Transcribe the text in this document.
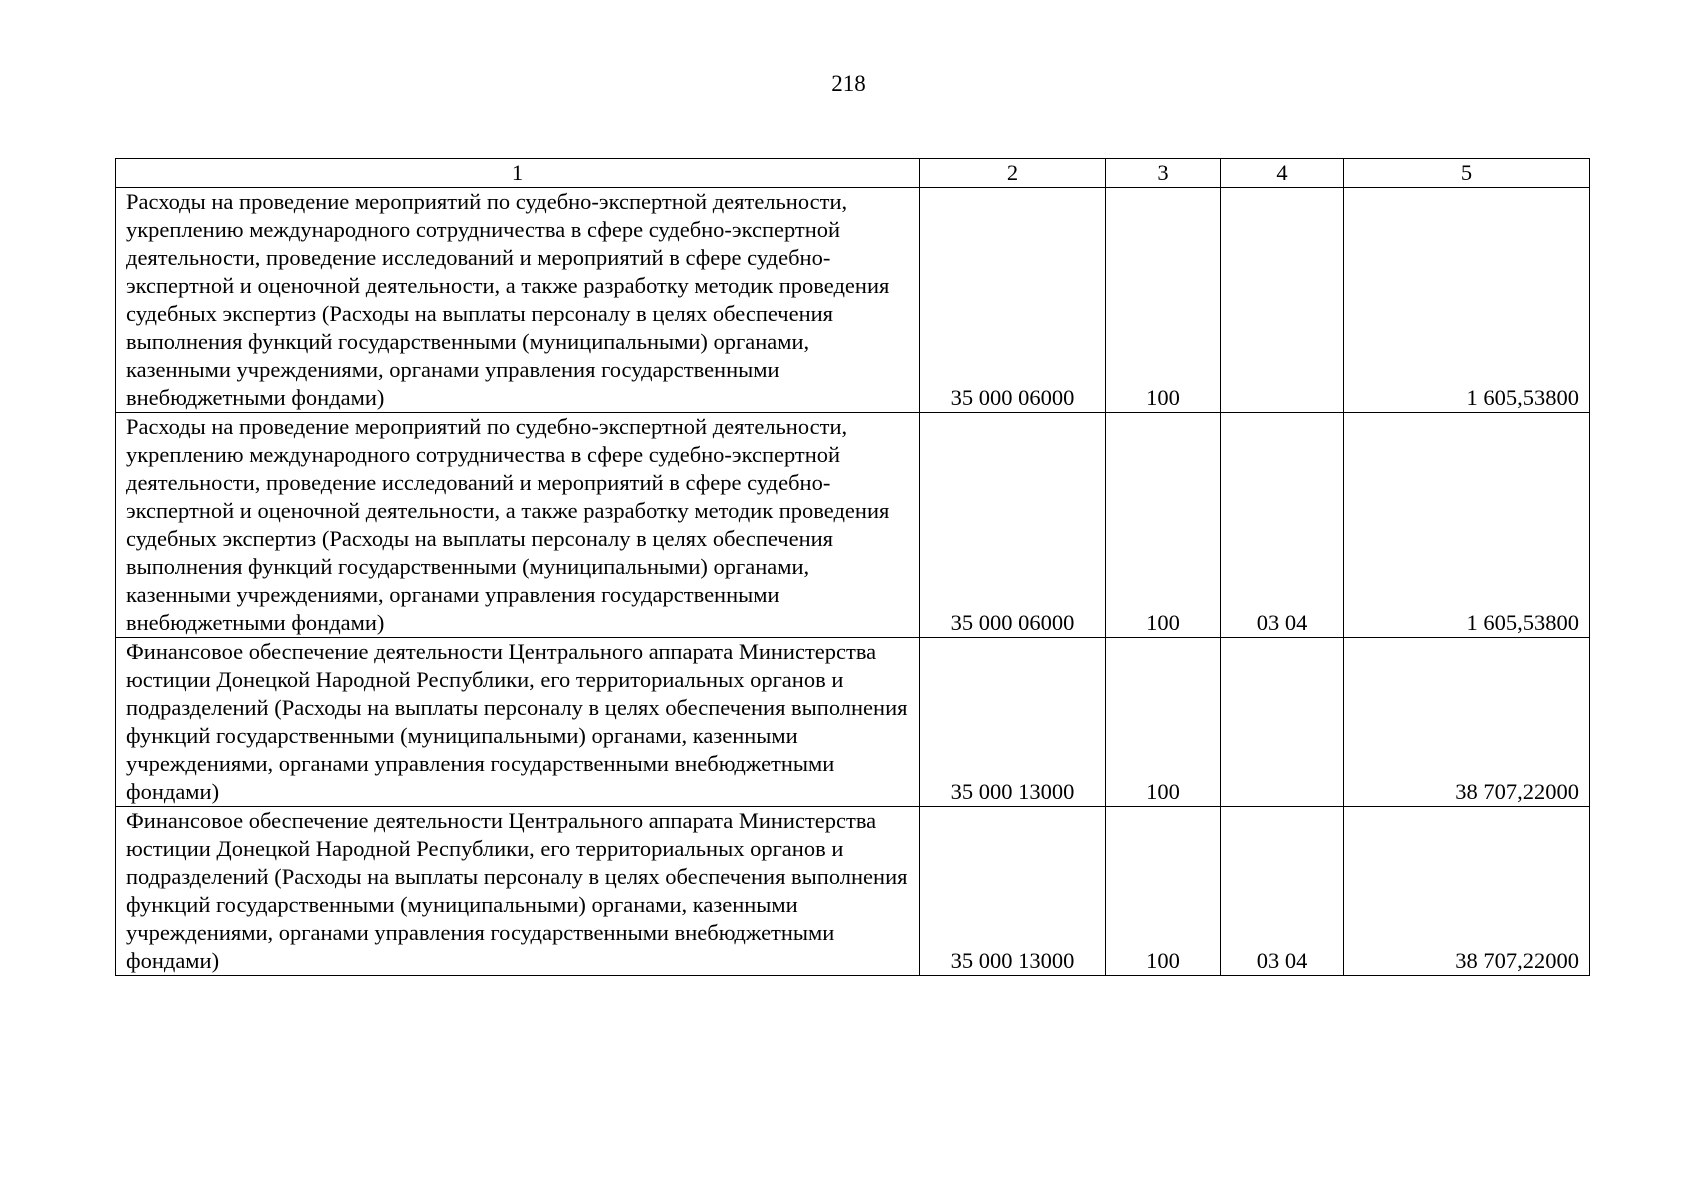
218
1	2	3	4	5
Расходы на проведение мероприятий по судебно-экспертной деятельности, укреплению международного сотрудничества в сфере судебно-экспертной деятельности, проведение исследований и мероприятий в сфере судебно-экспертной и оценочной деятельности, а также разработку методик проведения судебных экспертиз (Расходы на выплаты персоналу в целях обеспечения выполнения функций государственными (муниципальными) органами, казенными учреждениями, органами управления государственными внебюджетными фондами)	35 000 06000	100		1 605,53800
Расходы на проведение мероприятий по судебно-экспертной деятельности, укреплению международного сотрудничества в сфере судебно-экспертной деятельности, проведение исследований и мероприятий в сфере судебно-экспертной и оценочной деятельности, а также разработку методик проведения судебных экспертиз (Расходы на выплаты персоналу в целях обеспечения выполнения функций государственными (муниципальными) органами, казенными учреждениями, органами управления государственными внебюджетными фондами)	35 000 06000	100	03 04	1 605,53800
Финансовое обеспечение деятельности Центрального аппарата Министерства юстиции Донецкой Народной Республики, его территориальных органов и подразделений (Расходы на выплаты персоналу в целях обеспечения выполнения функций государственными (муниципальными) органами, казенными учреждениями, органами управления государственными внебюджетными фондами)	35 000 13000	100		38 707,22000
Финансовое обеспечение деятельности Центрального аппарата Министерства юстиции Донецкой Народной Республики, его территориальных органов и подразделений (Расходы на выплаты персоналу в целях обеспечения выполнения функций государственными (муниципальными) органами, казенными учреждениями, органами управления государственными внебюджетными фондами)	35 000 13000	100	03 04	38 707,22000
